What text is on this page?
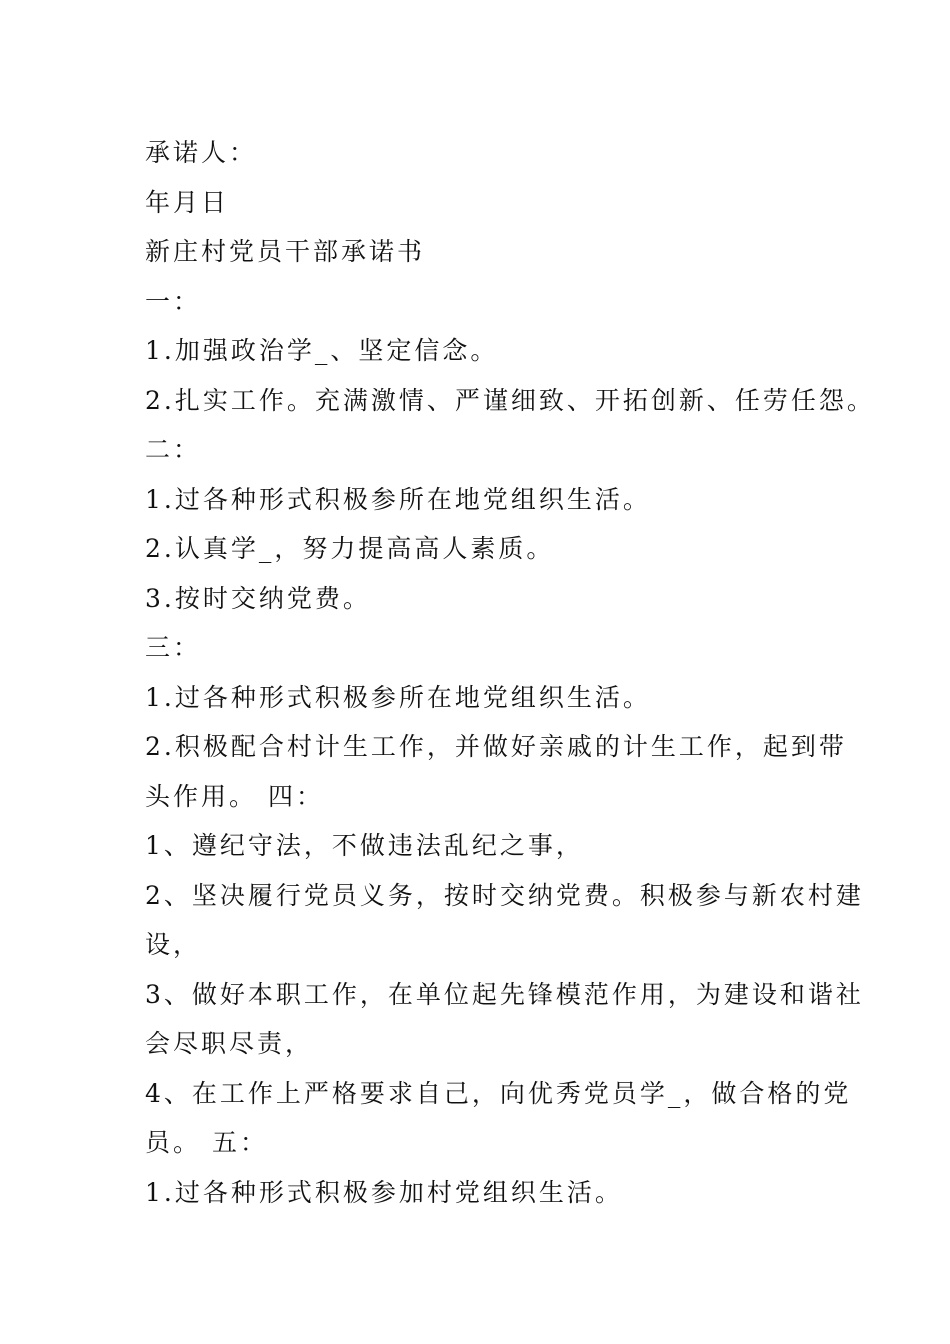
承诺人：
年月日
新庄村党员干部承诺书
一：
1.加强政治学_、坚定信念。
2.扎实工作。充满激情、严谨细致、开拓创新、任劳任怨。
二：
1.过各种形式积极参所在地党组织生活。
2.认真学_，努力提高高人素质。
3.按时交纳党费。
三：
1.过各种形式积极参所在地党组织生活。
2.积极配合村计生工作，并做好亲戚的计生工作，起到带
头作用。 四：
1、遵纪守法，不做违法乱纪之事，
2、坚决履行党员义务，按时交纳党费。积极参与新农村建
设，
3、做好本职工作，在单位起先锋模范作用，为建设和谐社
会尽职尽责，
4、在工作上严格要求自己，向优秀党员学_，做合格的党
员。 五：
1.过各种形式积极参加村党组织生活。
